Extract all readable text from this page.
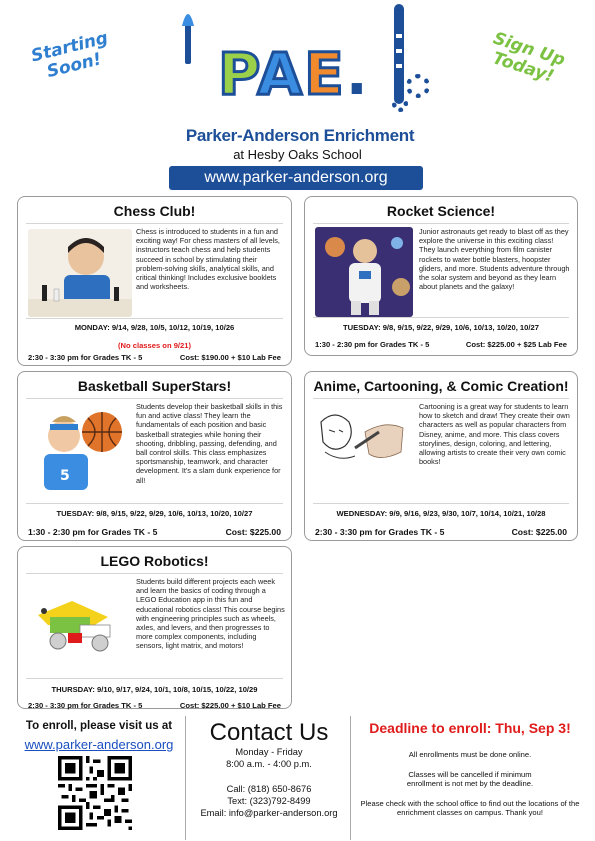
Starting Soon!	Sign Up Today!
PAE.
Parker-Anderson Enrichment
at Hesby Oaks School
www.parker-anderson.org
Chess Club!
Chess is introduced to students in a fun and exciting way! For chess masters of all levels, instructors teach chess and help students succeed in school by stimulating their problem-solving skills, analytical skills, and critical thinking! Includes exclusive booklets and worksheets.
MONDAY: 9/14, 9/28, 10/5, 10/12, 10/19, 10/26
(No classes on 9/21)
2:30 - 3:30 pm for Grades TK - 5	Cost: $190.00 + $10 Lab Fee
Rocket Science!
Junior astronauts get ready to blast off as they explore the universe in this exciting class! They launch everything from film canister rockets to water bottle blasters, hoopster gliders, and more. Students adventure through the solar system and beyond as they learn about planets and the galaxy!
TUESDAY: 9/8, 9/15, 9/22, 9/29, 10/6, 10/13, 10/20, 10/27
1:30 - 2:30 pm for Grades TK - 5	Cost: $225.00 + $25 Lab Fee
Basketball SuperStars!
5
Students develop their basketball skills in this fun and active class! They learn the fundamentals of each position and basic basketball strategies while honing their shooting, dribbling, passing, defending, and ball control skills. This class emphasizes sportsmanship, teamwork, and character development. It's a slam dunk experience for all!
TUESDAY: 9/8, 9/15, 9/22, 9/29, 10/6, 10/13, 10/20, 10/27
1:30 - 2:30 pm for Grades TK - 5	Cost: $225.00
Anime, Cartooning, & Comic Creation!
Cartooning is a great way for students to learn how to sketch and draw! They create their own characters as well as popular characters from Disney, anime, and more. This class covers storylines, design, coloring, and lettering, allowing artists to create their very own comic books!
WEDNESDAY: 9/9, 9/16, 9/23, 9/30, 10/7, 10/14, 10/21, 10/28
2:30 - 3:30 pm for Grades TK - 5	Cost: $225.00
LEGO Robotics!
Students build different projects each week and learn the basics of coding through a LEGO Education app in this fun and educational robotics class! This course begins with engineering principles such as wheels, axles, and levers, and then progresses to more complex components, including sensors, light matrix, and motors!
THURSDAY: 9/10, 9/17, 9/24, 10/1, 10/8, 10/15, 10/22, 10/29
2:30 - 3:30 pm for Grades TK - 5	Cost: $225.00 + $10 Lab Fee
To enroll, please visit us at
www.parker-anderson.org	Contact Us
Monday - Friday
8:00 a.m. - 4:00 p.m.
Call: (818) 650-8676
Text: (323)792-8499
Email: info@parker-anderson.org
Deadline to enroll: Thu, Sep 3!
All enrollments must be done online.
Classes will be cancelled if minimum enrollment is not met by the deadline.
Please check with the school office to find out the locations of the enrichment classes on campus. Thank you!
